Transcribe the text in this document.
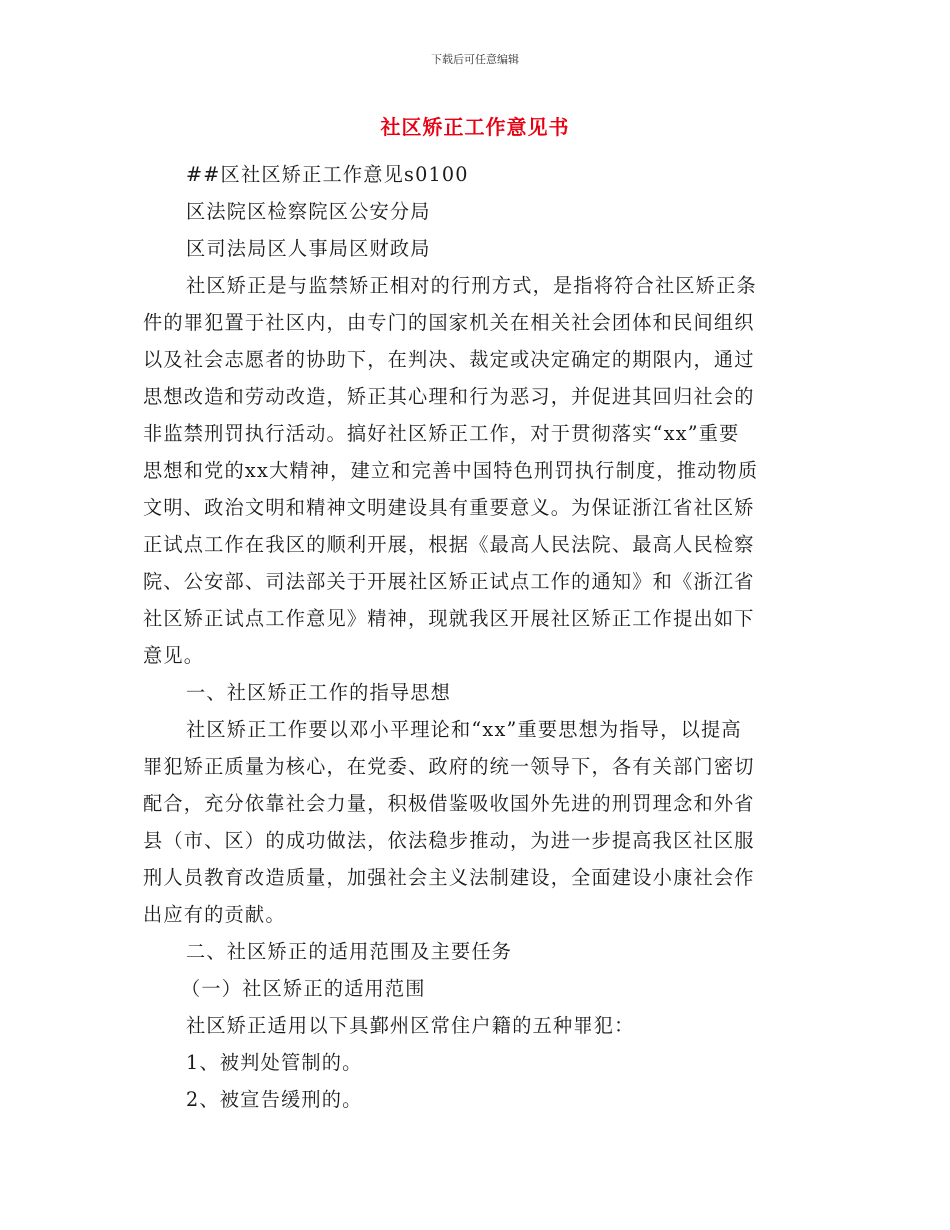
下载后可任意编辑
社区矫正工作意见书
##区社区矫正工作意见s0100
区法院区检察院区公安分局
区司法局区人事局区财政局
社区矫正是与监禁矫正相对的行刑方式，是指将符合社区矫正条
件的罪犯置于社区内，由专门的国家机关在相关社会团体和民间组织
以及社会志愿者的协助下，在判决、裁定或决定确定的期限内，通过
思想改造和劳动改造，矫正其心理和行为恶习，并促进其回归社会的
非监禁刑罚执行活动。搞好社区矫正工作，对于贯彻落实“xx”重要
思想和党的xx大精神，建立和完善中国特色刑罚执行制度，推动物质
文明、政治文明和精神文明建设具有重要意义。为保证浙江省社区矫
正试点工作在我区的顺利开展，根据《最高人民法院、最高人民检察
院、公安部、司法部关于开展社区矫正试点工作的通知》和《浙江省
社区矫正试点工作意见》精神，现就我区开展社区矫正工作提出如下
意见。
一、社区矫正工作的指导思想
社区矫正工作要以邓小平理论和“xx”重要思想为指导，以提高
罪犯矫正质量为核心，在党委、政府的统一领导下，各有关部门密切
配合，充分依靠社会力量，积极借鉴吸收国外先进的刑罚理念和外省
县（市、区）的成功做法，依法稳步推动，为进一步提高我区社区服
刑人员教育改造质量，加强社会主义法制建设，全面建设小康社会作
出应有的贡献。
二、社区矫正的适用范围及主要任务
（一）社区矫正的适用范围
社区矫正适用以下具鄞州区常住户籍的五种罪犯：
1、被判处管制的。
2、被宣告缓刑的。
